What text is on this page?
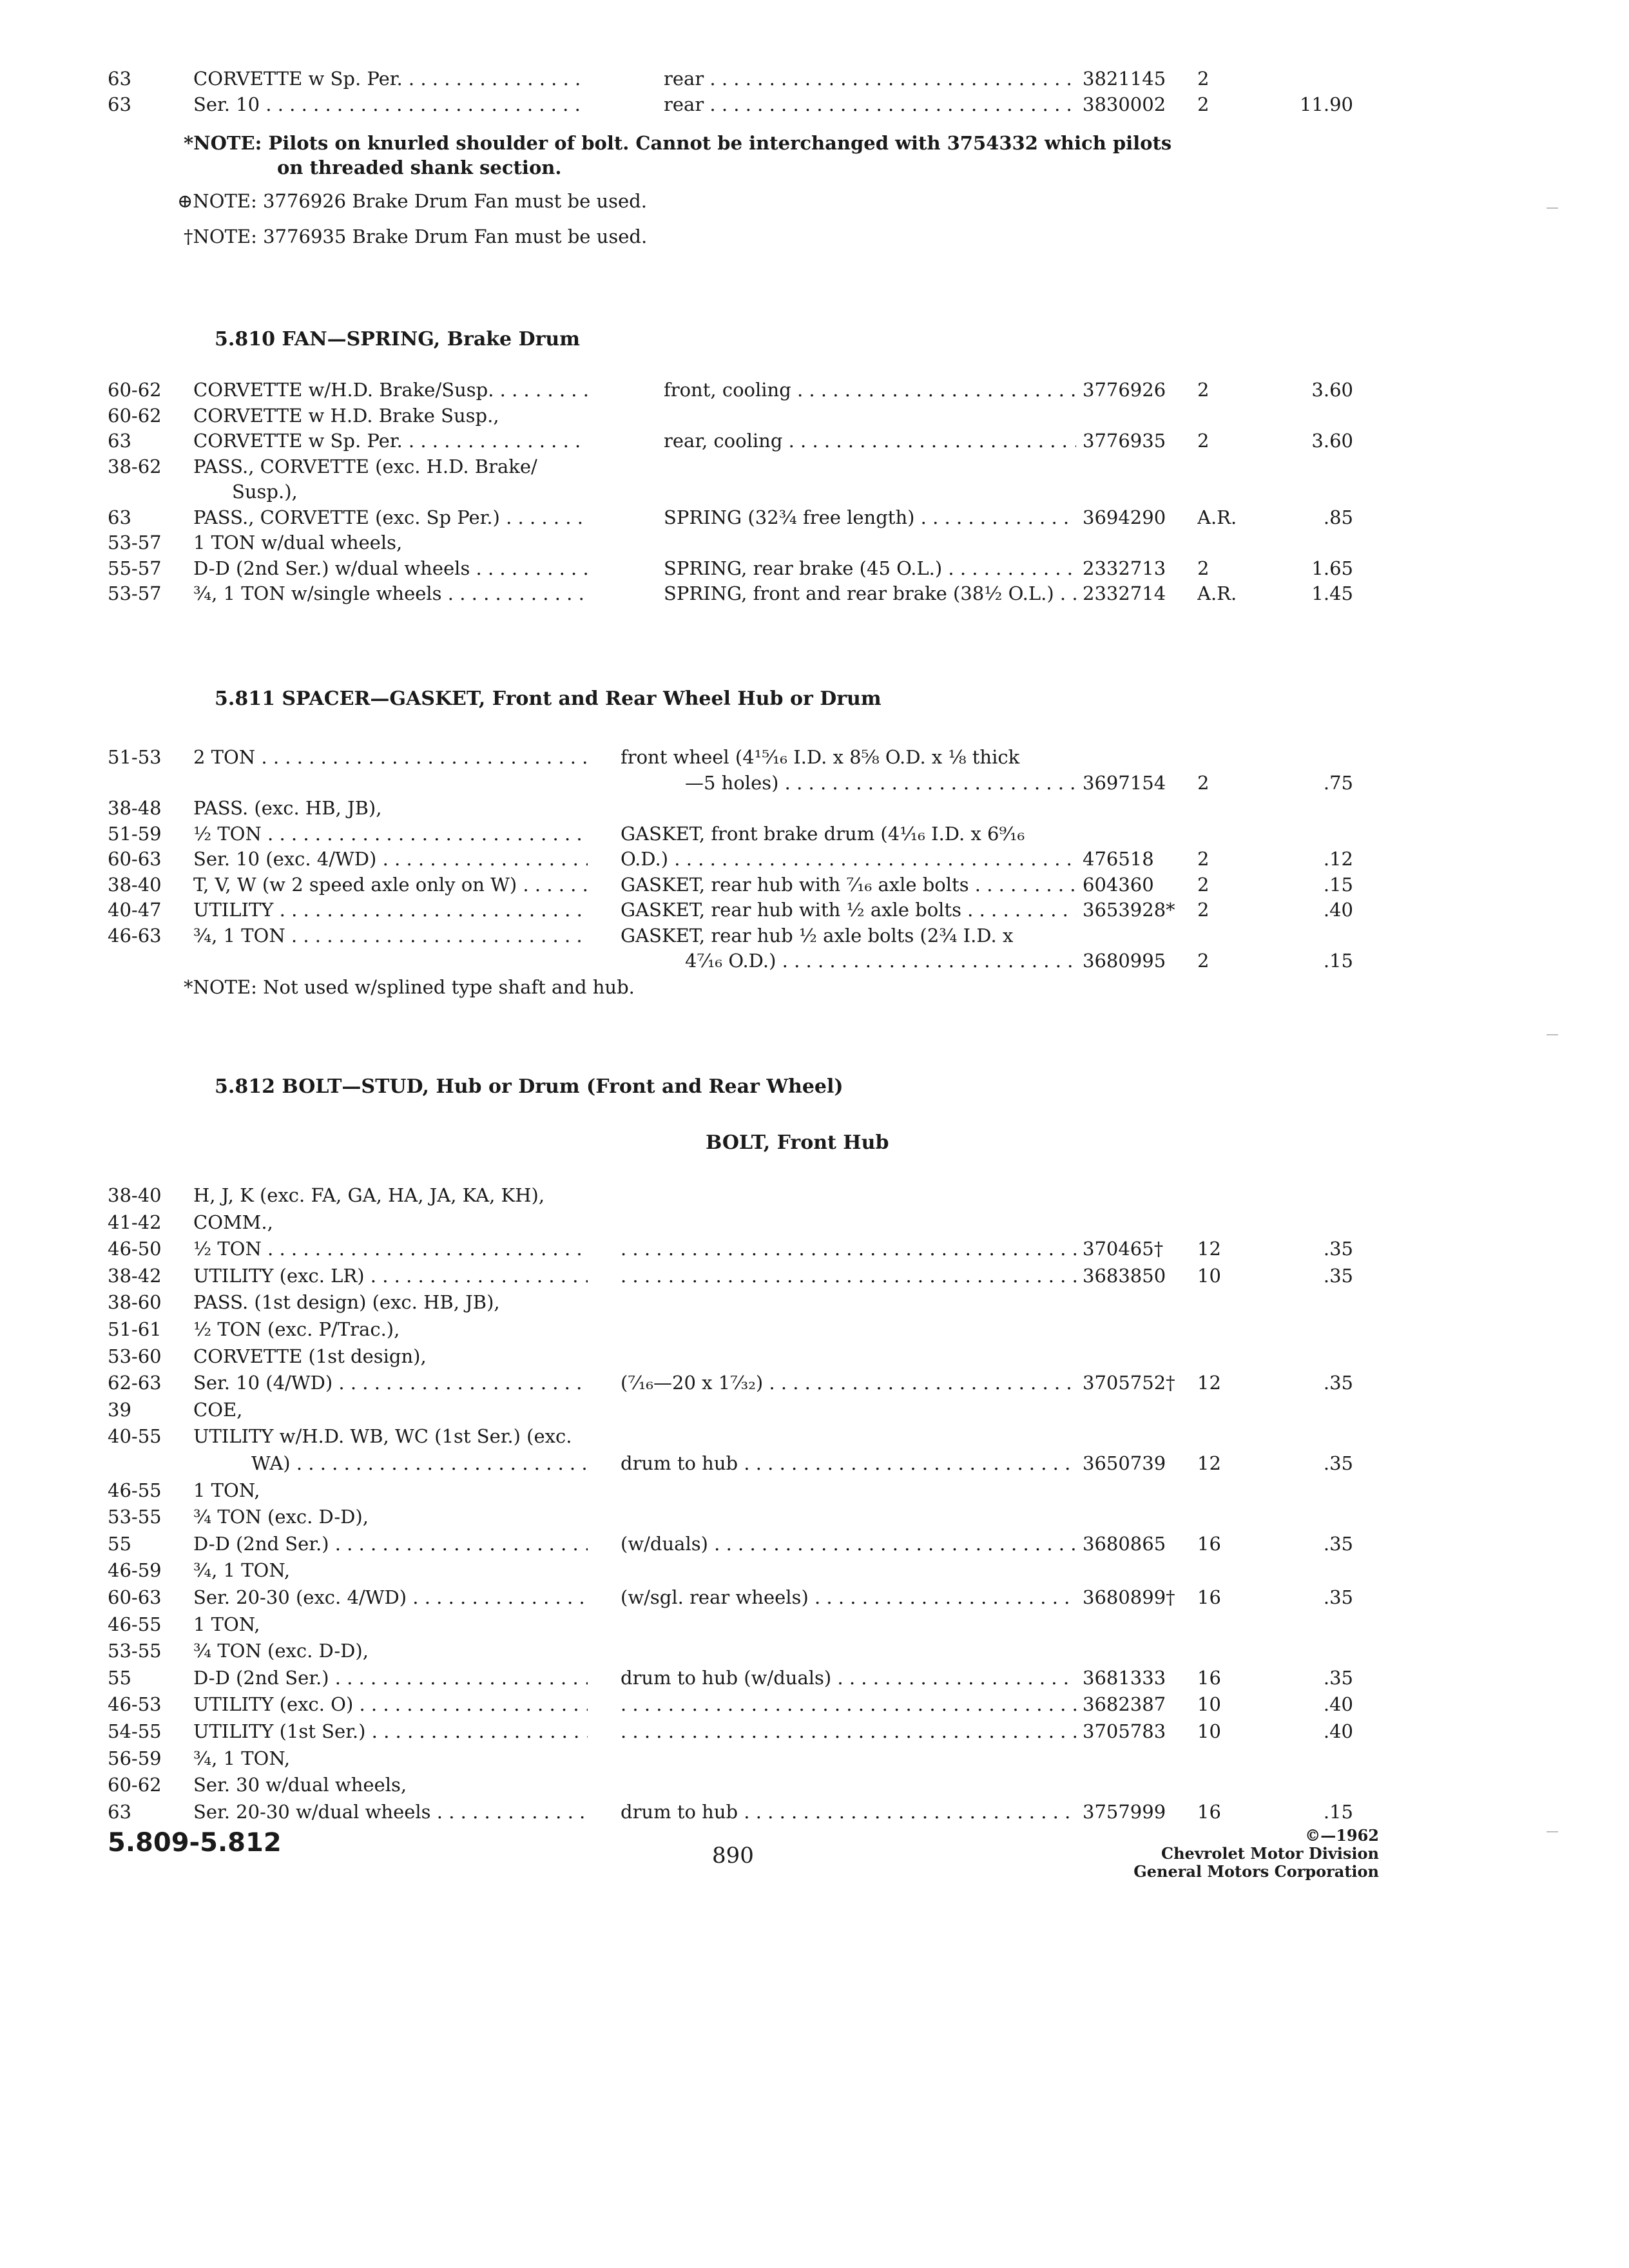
63	CORVETTE w Sp. Per. . . .	rear . . .	3821145	2
63	Ser. 10 . . .	rear . . .	3830002	2	11.90
*NOTE: Pilots on knurled shoulder of bolt. Cannot be interchanged with 3754332 which pilots
on threaded shank section.
⊕NOTE: 3776926 Brake Drum Fan must be used.
†NOTE: 3776935 Brake Drum Fan must be used.
5.810 FAN—SPRING, Brake Drum
60-62	CORVETTE w/H.D. Brake/Susp. . . .	front, cooling . . .	3776926	2	3.60
60-62	CORVETTE w H.D. Brake Susp.,
63	CORVETTE w Sp. Per. . . .	rear, cooling . . .	3776935	2	3.60
38-62	PASS., CORVETTE (exc. H.D. Brake/
Susp.),
63	PASS., CORVETTE (exc. Sp Per.) . . .	SPRING (32¾ free length) . . .	3694290	A.R.	.85
53-57	1 TON w/dual wheels,
55-57	D-D (2nd Ser.) w/dual wheels . . .	SPRING, rear brake (45 O.L.) . . .	2332713	2	1.65
53-57	¾, 1 TON w/single wheels . . .	SPRING, front and rear brake (38½ O.L.) . . .	2332714	A.R.	1.45
5.811 SPACER—GASKET, Front and Rear Wheel Hub or Drum
51-53	2 TON . . .	front wheel (4¹⁵⁄₁₆ I.D. x 8⅝ O.D. x ⅛ thick
—5 holes) . . .	3697154	2	.75
38-48	PASS. (exc. HB, JB),
51-59	½ TON . . .	GASKET, front brake drum (4¹⁄₁₆ I.D. x 6⁹⁄₁₆
60-63	Ser. 10 (exc. 4/WD) . . .	O.D.) . . .	476518	2	.12
38-40	T, V, W (w 2 speed axle only on W) . . .	GASKET, rear hub with ⁷⁄₁₆ axle bolts . . .	604360	2	.15
40-47	UTILITY . . .	GASKET, rear hub with ½ axle bolts . . .	3653928*	2	.40
46-63	¾, 1 TON . . .	GASKET, rear hub ½ axle bolts (2¾ I.D. x
4⁷⁄₁₆ O.D.) . . .	3680995	2	.15
*NOTE: Not used w/splined type shaft and hub.
5.812 BOLT—STUD, Hub or Drum (Front and Rear Wheel)
BOLT, Front Hub
38-40	H, J, K (exc. FA, GA, HA, JA, KA, KH),
41-42	COMM.,
46-50	½ TON . . . . . .	370465†	12	.35
38-42	UTILITY (exc. LR) . . . . . .	3683850	10	.35
38-60	PASS. (1st design) (exc. HB, JB),
51-61	½ TON (exc. P/Trac.),
53-60	CORVETTE (1st design),
62-63	Ser. 10 (4/WD) . . .	(⁷⁄₁₆—20 x 1⁷⁄₃₂) . . .	3705752†	12	.35
39	COE,
40-55	UTILITY w/H.D. WB, WC (1st Ser.) (exc.
WA) . . .	drum to hub . . .	3650739	12	.35
46-55	1 TON,
53-55	¾ TON (exc. D-D),
55	D-D (2nd Ser.) . . .	(w/duals) . . .	3680865	16	.35
46-59	¾, 1 TON,
60-63	Ser. 20-30 (exc. 4/WD) . . .	(w/sgl. rear wheels) . . .	3680899†	16	.35
46-55	1 TON,
53-55	¾ TON (exc. D-D),
55	D-D (2nd Ser.) . . .	drum to hub (w/duals) . . .	3681333	16	.35
46-53	UTILITY (exc. O) . . . . . .	3682387	10	.40
54-55	UTILITY (1st Ser.) . . . . . .	3705783	10	.40
56-59	¾, 1 TON,
60-62	Ser. 30 w/dual wheels,
63	Ser. 20-30 w/dual wheels . . .	drum to hub . . .	3757999	16	.15
5.809-5.812	890
©—1962
Chevrolet Motor Division
General Motors Corporation
